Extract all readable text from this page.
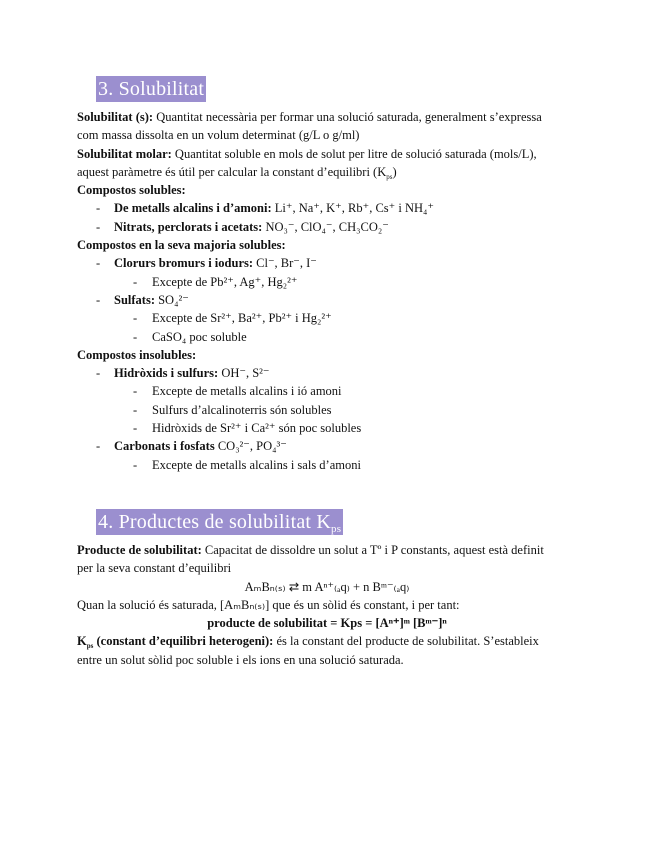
3. Solubilitat
Solubilitat (s): Quantitat necessària per formar una solució saturada, generalment s’expressa
com massa dissolta en un volum determinat (g/L o g/ml)
Solubilitat molar: Quantitat soluble en mols de solut per litre de solució saturada (mols/L),
aquest paràmetre és útil per calcular la constant d’equilibri $(K_{ps})$
Compostos solubles:
- De metalls alcalins i d’amoni: Li⁺, Na⁺, K⁺, Rb⁺, Cs⁺ i NH₄⁺
- Nitrats, perclorats i acetats: NO₃⁻, ClO₄⁻, CH₃CO₂⁻
Compostos en la seva majoria solubles:
- Clorurs bromurs i iodurs: Cl⁻, Br⁻, I⁻
- Excepte de Pb²⁺, Ag⁺, Hg₂²⁺
- Sulfats: SO₄²⁻
- Excepte de Sr²⁺, Ba²⁺, Pb²⁺ i Hg₂²⁺
- CaSO₄ poc soluble
Compostos insolubles:
- Hidròxids i sulfurs: OH⁻, S²⁻
- Excepte de metalls alcalins i ió amoni
- Sulfurs d’alcalinoterris són solubles
- Hidròxids de Sr²⁺ i Ca²⁺ són poc solubles
- Carbonats i fosfats CO₃²⁻, PO₄³⁻
- Excepte de metalls alcalins i sals d’amoni
4. Productes de solubilitat $K_{ps}$
Producte de solubilitat: Capacitat de dissoldre un solut a Tº i P constants, aquest està definit
per la seva constant d’equilibri
AₘBₙ₍ₛ₎ ⇄ m Aⁿ⁺₍ₐq₎ + n Bᵐ⁻₍ₐq₎
Quan la solució és saturada, [AₘBₙ₍ₛ₎] que és un sòlid és constant, i per tant:
producte de solubilitat = Kps = [Aⁿ⁺]ᵐ [Bᵐ⁻]ⁿ
$K_{ps}$ (constant d’equilibri heterogeni): és la constant del producte de solubilitat. S’estableix
entre un solut sòlid poc soluble i els ions en una solució saturada.
